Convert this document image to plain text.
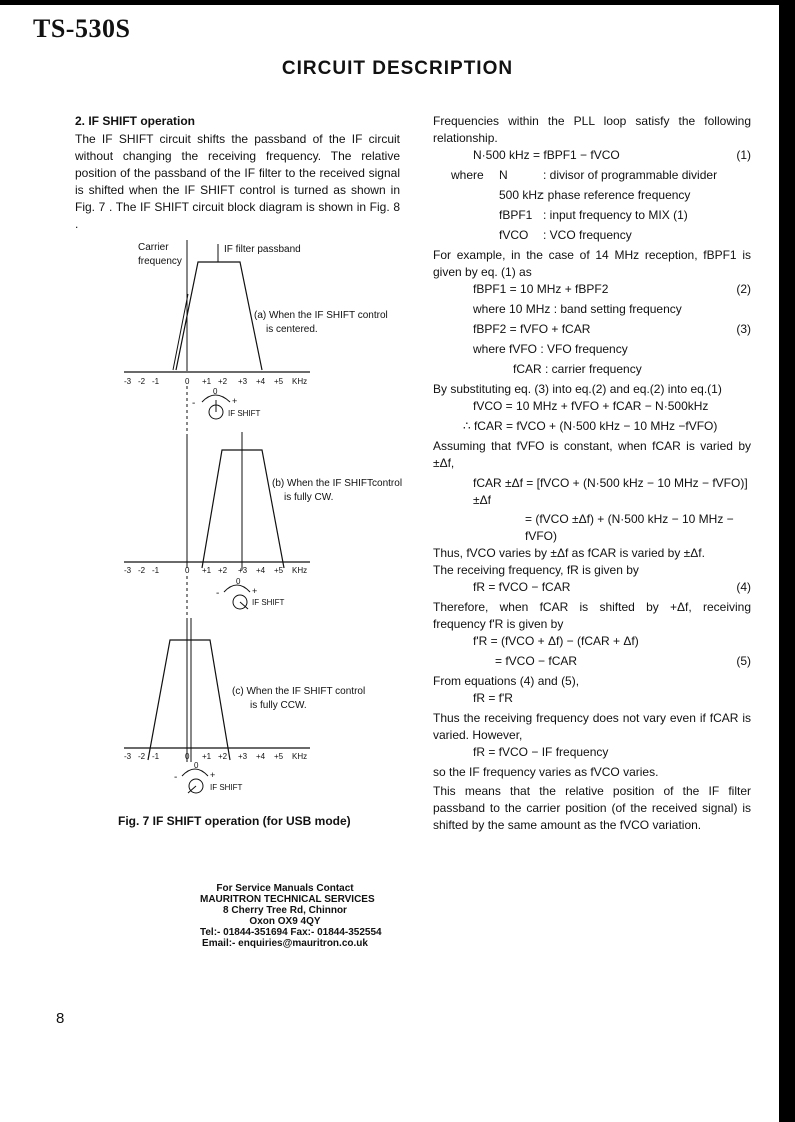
TS-530S
CIRCUIT DESCRIPTION
2. IF SHIFT operation
The IF SHIFT circuit shifts the passband of the IF circuit without changing the receiving frequency. The relative position of the passband of the IF filter to the received signal is shifted when the IF SHIFT control is turned as shown in Fig. 7 . The IF SHIFT circuit block diagram is shown in Fig. 8 .
Carrier
frequency
IF filter passband
(a) When the IF SHIFT control
is centered.
-3 -2 -1	0 +1 +2 +3 +4 +5 KHz
-
0
+
IF SHIFT
(b) When the IF SHIFTcontrol
is fully CW.
-3 -2 -1	0 +1 +2 +3 +4 +5 KHz
-
0
+
IF SHIFT
(c) When the IF SHIFT control
is fully CCW.
-3 -2 -1	0 +1 +2 +3 +4 +5 KHz
-
0
+
IF SHIFT
Fig. 7 IF SHIFT operation (for USB mode)
For Service Manuals Contact
MAURITRON TECHNICAL SERVICES
8 Cherry Tree Rd, Chinnor
Oxon OX9 4QY
Tel:- 01844-351694 Fax:- 01844-352554
Email:- enquiries@mauritron.co.uk
8
Frequencies within the PLL loop satisfy the following relationship.
N·500 kHz = fBPF1 − fVCO	(1)
where N	: divisor of programmable divider
500 kHz
: phase reference frequency
fBPF1 : input frequency to MIX (1)
fVCO : VCO frequency
For example, in the case of 14 MHz reception, fBPF1 is given by eq. (1) as
fBPF1 = 10 MHz + fBPF2	(2)
where 10 MHz : band setting frequency
fBPF2 = fVFO + fCAR	(3)
where fVFO : VFO frequency
fCAR : carrier frequency
By substituting eq. (3) into eq.(2) and eq.(2) into eq.(1)
fVCO = 10 MHz + fVFO + fCAR − N·500kHz
∴ fCAR = fVCO + (N·500 kHz − 10 MHz −fVFO)
Assuming that fVFO is constant, when fCAR is varied by ±Δf,
fCAR ±Δf = [fVCO + (N·500 kHz − 10 MHz − fVFO)] ±Δf
= (fVCO ±Δf) + (N·500 kHz − 10 MHz − fVFO)
Thus, fVCO varies by ±Δf as fCAR is varied by ±Δf.
The receiving frequency, fR is given by
fR = fVCO − fCAR	(4)
Therefore, when fCAR is shifted by +Δf, receiving frequency f'R is given by
f'R = (fVCO + Δf) − (fCAR + Δf)
= fVCO − fCAR	(5)
From equations (4) and (5),
fR = f'R
Thus the receiving frequency does not vary even if fCAR is varied. However,
fR = fVCO − IF frequency
so the IF frequency varies as fVCO varies.
This means that the relative position of the IF filter passband to the carrier position (of the received signal) is shifted by the same amount as the fVCO variation.
